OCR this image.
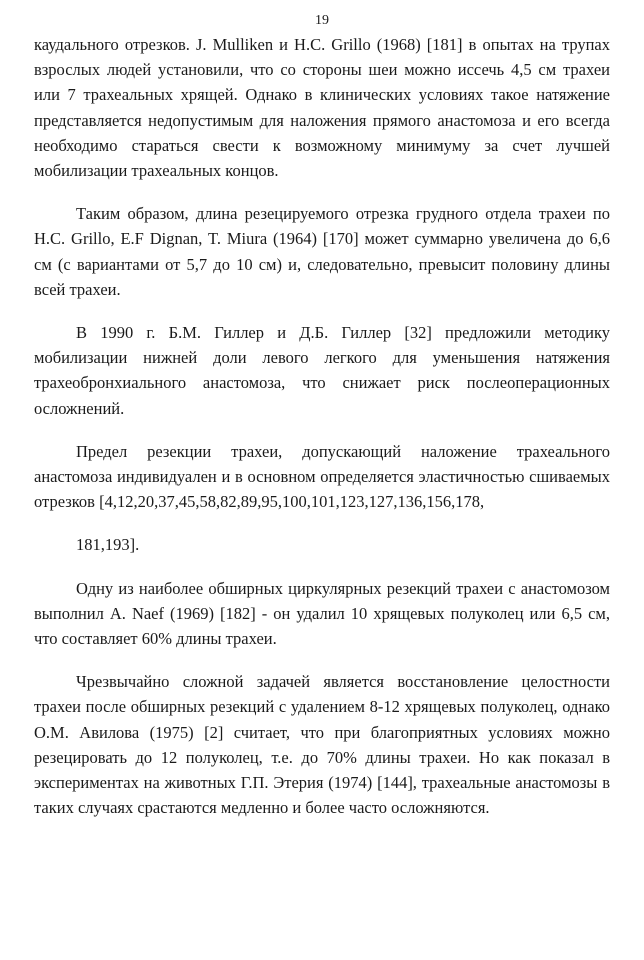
19

каудального отрезков. J. Mulliken и H.C. Grillo (1968) [181] в опытах на трупах взрослых людей установили, что со стороны шеи можно иссечь 4,5 см трахеи или 7 трахеальных хрящей. Однако в клинических условиях такое натяжение представляется недопустимым для наложения прямого анастомоза и его всегда необходимо стараться свести к возможному минимуму за счет лучшей мобилизации трахеальных концов.

Таким образом, длина резецируемого отрезка грудного отдела трахеи по H.C. Grillo, E.F Dignan, T. Miura (1964) [170] может суммарно увеличена до 6,6 см (с вариантами от 5,7 до 10 см) и, следовательно, превысит половину длины всей трахеи.

В 1990 г. Б.М. Гиллер и Д.Б. Гиллер [32] предложили методику мобилизации нижней доли левого легкого для уменьшения натяжения трахеобронхиального анастомоза, что снижает риск послеоперационных осложнений.

Предел резекции трахеи, допускающий наложение трахеального анастомоза индивидуален и в основном определяется эластичностью сшиваемых отрезков [4,12,20,37,45,58,82,89,95,100,101,123,127,136,156,178,

181,193].

Одну из наиболее обширных циркулярных резекций трахеи с анастомозом выполнил A. Naef (1969) [182] - он удалил 10 хрящевых полуколец или 6,5 см, что составляет 60% длины трахеи.

Чрезвычайно сложной задачей является восстановление целостности трахеи после обширных резекций с удалением 8-12 хрящевых полуколец, однако О.М. Авилова (1975) [2] считает, что при благоприятных условиях можно резецировать до 12 полуколец, т.е. до 70% длины трахеи. Но как показал в экспериментах на животных Г.П. Этерия (1974) [144], трахеальные анастомозы в таких случаях срастаются медленно и более часто осложняются.
